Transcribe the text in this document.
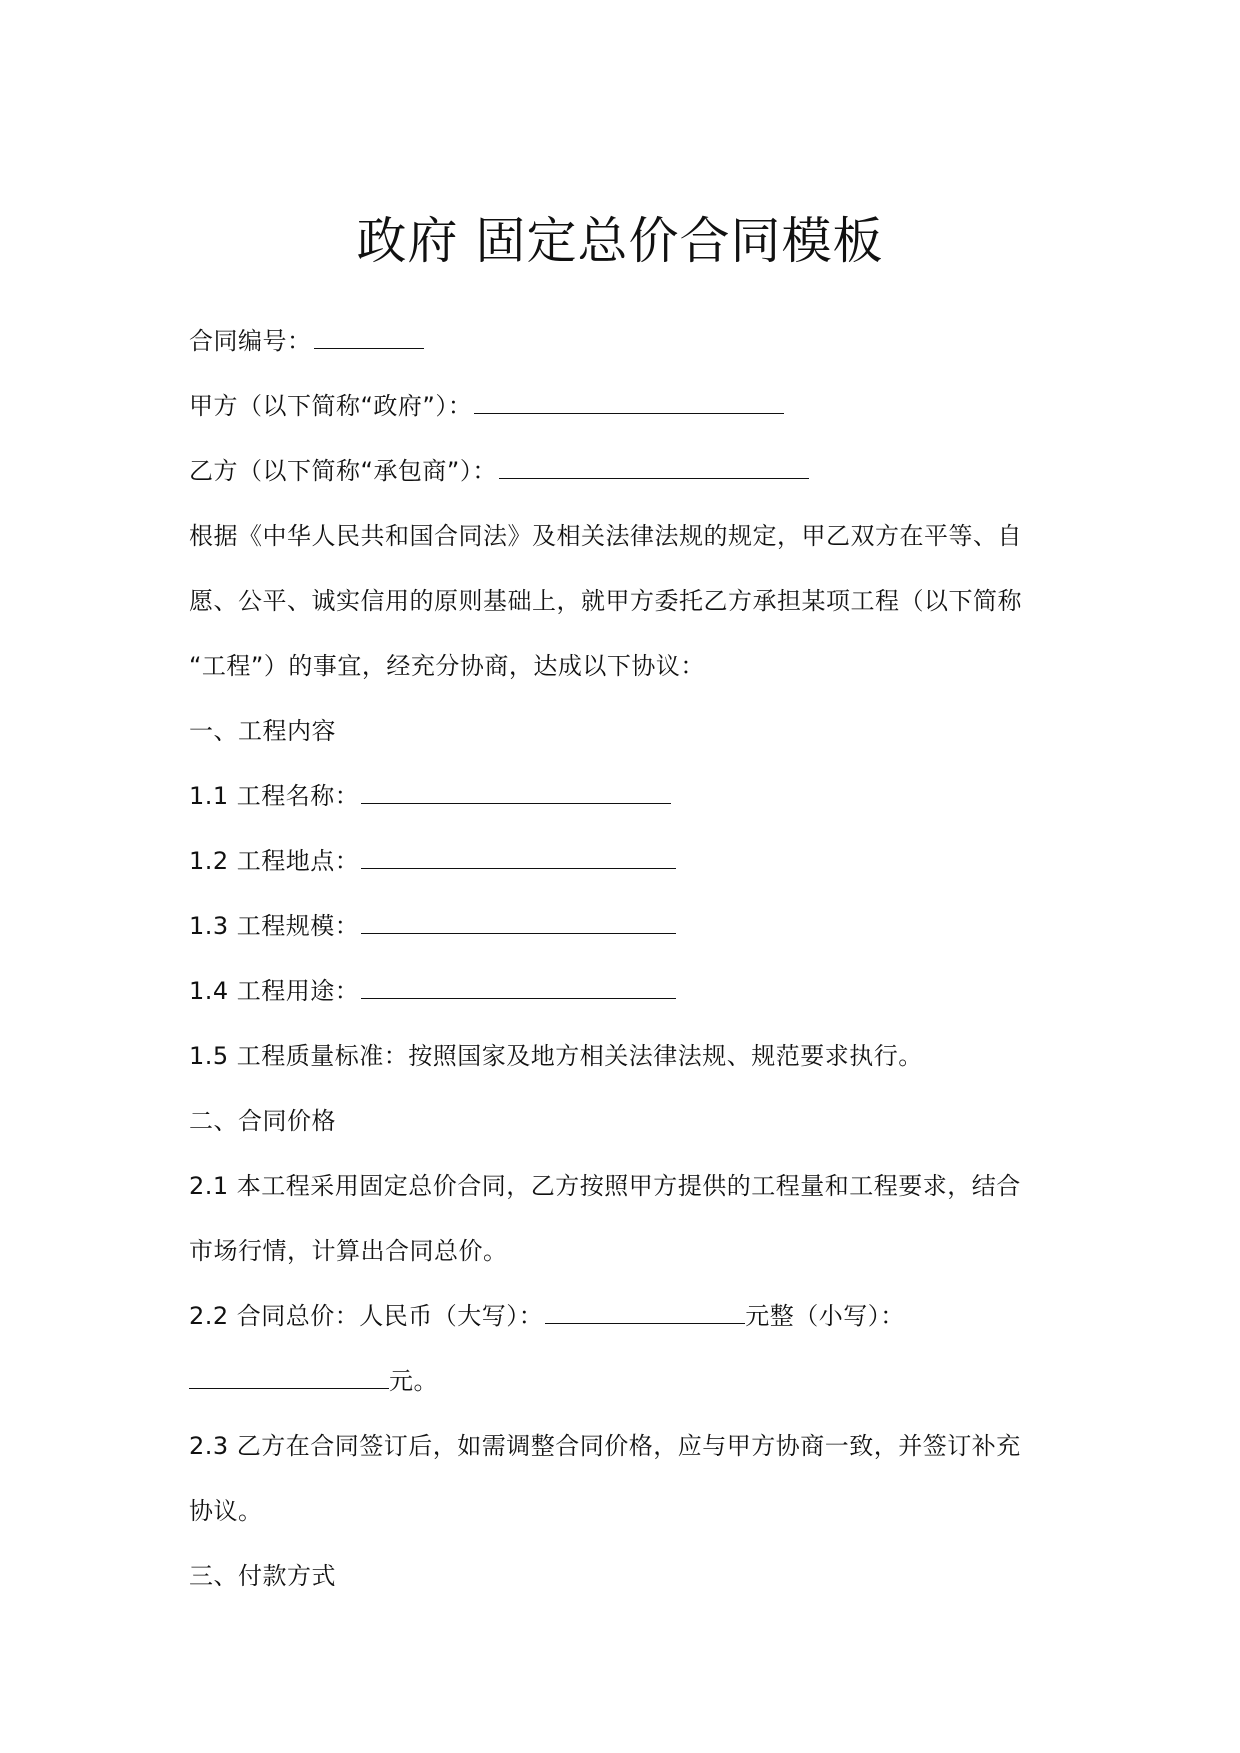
政府 固定总价合同模板
合同编号：
甲方（以下简称“政府”）：
乙方（以下简称“承包商”）：
根据《中华人民共和国合同法》及相关法律法规的规定，甲乙双方在平等、自
愿、公平、诚实信用的原则基础上，就甲方委托乙方承担某项工程（以下简称
“工程”）的事宜，经充分协商，达成以下协议：
一、工程内容
1.1 工程名称：
1.2 工程地点：
1.3 工程规模：
1.4 工程用途：
1.5 工程质量标准：按照国家及地方相关法律法规、规范要求执行。
二、合同价格
2.1 本工程采用固定总价合同，乙方按照甲方提供的工程量和工程要求，结合
市场行情，计算出合同总价。
2.2 合同总价：人民币（大写）：	元整（小写）：
元。
2.3 乙方在合同签订后，如需调整合同价格，应与甲方协商一致，并签订补充
协议。
三、付款方式
